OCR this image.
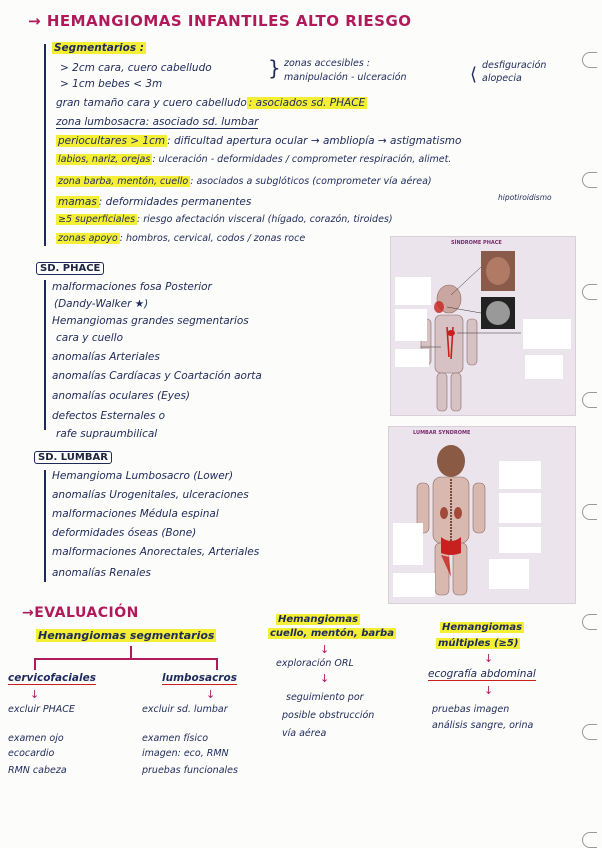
→ HEMANGIOMAS INFANTILES ALTO RIESGO
Segmentarios :
> 2cm cara, cuero cabelludo
> 1cm bebes < 3m
} zonas accesibles :
manipulación - ulceración	⟨ desfiguración
alopecia
gran tamaño cara y cuero cabelludo : asociados sd. PHACE
zona lumbosacra: asociado sd. lumbar
periocultares > 1cm : dificultad apertura ocular → ambliopía → astigmatismo
labios, nariz, orejas : ulceración - deformidades / comprometer respiración, alimet.
zona barba, mentón, cuello : asociados a subglóticos (comprometer vía aérea)
hipotiroidismo
mamas : deformidades permanentes
≥5 superficiales : riesgo afectación visceral (hígado, corazón, tiroides)
zonas apoyo : hombros, cervical, codos / zonas roce
SD. PHACE
malformaciones fosa Posterior
(Dandy-Walker ★)
Hemangiomas grandes segmentarios
cara y cuello
anomalías Arteriales
anomalías Cardíacas y Coartación aorta
anomalías oculares (Eyes)
defectos Esternales o
rafe supraumbilical
SD. LUMBAR
Hemangioma Lumbosacro (Lower)
anomalías Urogenitales, ulceraciones
malformaciones Médula espinal
deformidades óseas (Bone)
malformaciones Anorectales, Arteriales
anomalías Renales
SÍNDROME PHACE
LUMBAR SYNDROME
→EVALUACIÓN
Hemangiomas segmentarios
cervicofaciales	lumbosacros
↓	↓
excluir PHACE
examen ojo
ecocardio
RMN cabeza
excluir sd. lumbar
examen físico
imagen: eco, RMN
pruebas funcionales
Hemangiomas
cuello, mentón, barba
↓
exploración ORL
↓
seguimiento por
posible obstrucción
vía aérea
Hemangiomas
múltiples (≥5)
↓
ecografía abdominal
↓
pruebas imagen
análisis sangre, orina
